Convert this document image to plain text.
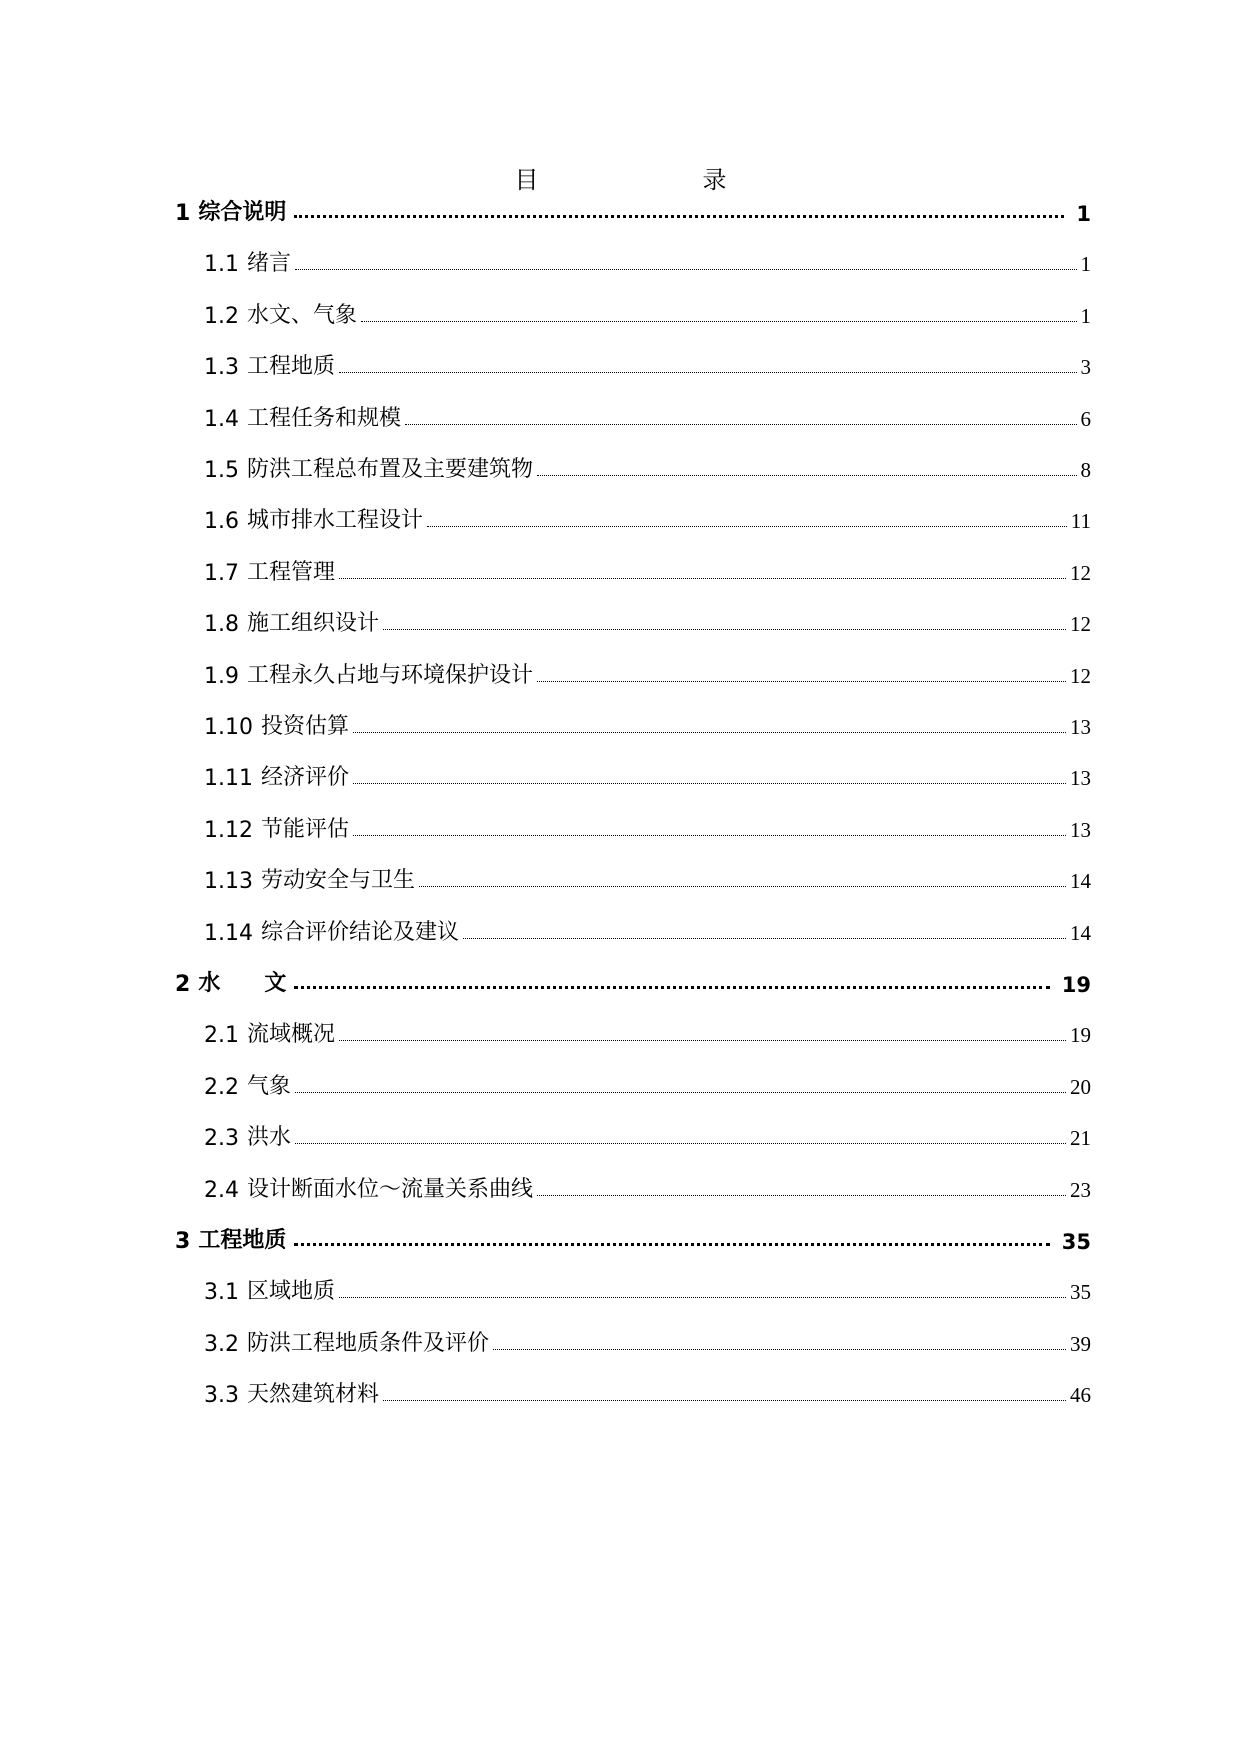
目　录
1 综合说明	1
1.1 绪言	1
1.2 水文、气象	1
1.3 工程地质	3
1.4 工程任务和规模	6
1.5 防洪工程总布置及主要建筑物	8
1.6 城市排水工程设计	11
1.7 工程管理	12
1.8 施工组织设计	12
1.9 工程永久占地与环境保护设计	12
1.10 投资估算	13
1.11 经济评价	13
1.12 节能评估	13
1.13 劳动安全与卫生	14
1.14 综合评价结论及建议	14
2 水　　文	19
2.1 流域概况	19
2.2 气象	20
2.3 洪水	21
2.4 设计断面水位～流量关系曲线	23
3 工程地质	35
3.1 区域地质	35
3.2 防洪工程地质条件及评价	39
3.3 天然建筑材料	46
